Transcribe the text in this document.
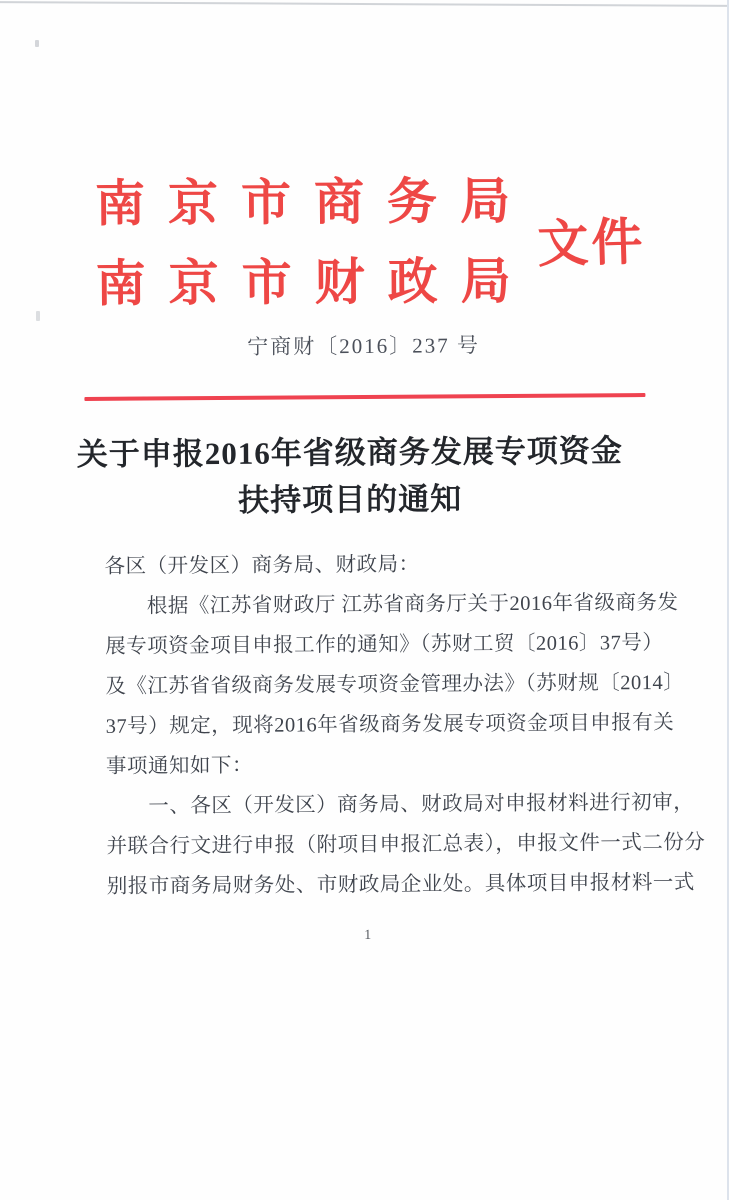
南京市商务局
南京市财政局
文件
宁商财〔2016〕237 号
关于申报2016年省级商务发展专项资金
扶持项目的通知
各区（开发区）商务局、财政局：
根据《江苏省财政厅 江苏省商务厅关于2016年省级商务发
展专项资金项目申报工作的通知》（苏财工贸〔2016〕37号）
及《江苏省省级商务发展专项资金管理办法》（苏财规〔2014〕
37号）规定，现将2016年省级商务发展专项资金项目申报有关
事项通知如下：
一、各区（开发区）商务局、财政局对申报材料进行初审，
并联合行文进行申报（附项目申报汇总表），申报文件一式二份分
别报市商务局财务处、市财政局企业处。具体项目申报材料一式
1
